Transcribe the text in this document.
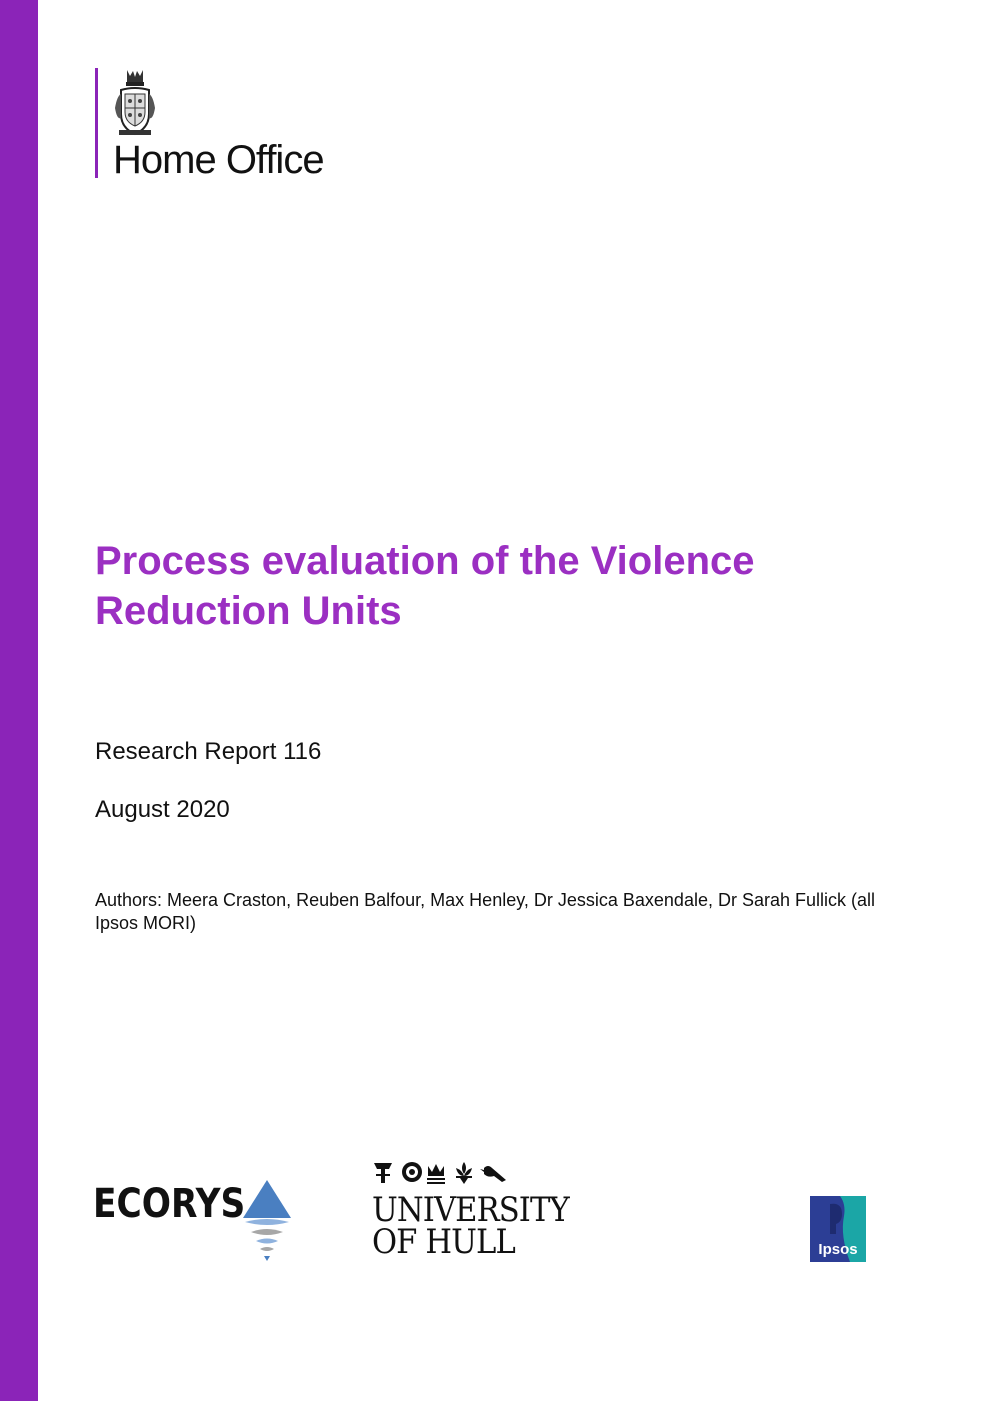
Home Office
Process evaluation of the Violence Reduction Units
Research Report 116
August 2020
Authors: Meera Craston, Reuben Balfour, Max Henley, Dr Jessica Baxendale, Dr Sarah Fullick (all Ipsos MORI)
ECORYS	UNIVERSITY
OF HULL	Ipsos
